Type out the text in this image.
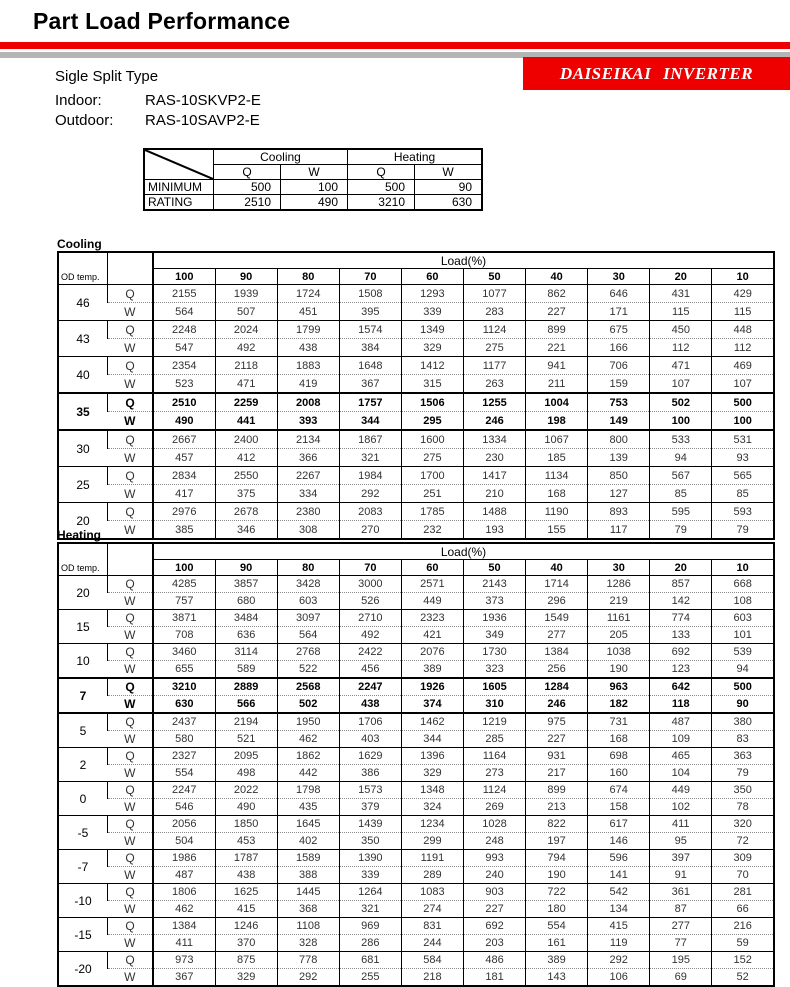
Part Load Performance
DAISEIKAI INVERTER
Sigle Split Type
Indoor:	RAS-10SKVP2-E
Outdoor: RAS-10SAVP2-E
	Cooling		Heating	
	Q	W	Q	W
MINIMUM	500	100	500	90
RATING	2510	490	3210	630
Cooling
OD temp.		Load(%)									
		100	90	80	70	60	50	40	30	20	10
46	Q	2155	1939	1724	1508	1293	1077	862	646	431	429
	W	564	507	451	395	339	283	227	171	115	115
43	Q	2248	2024	1799	1574	1349	1124	899	675	450	448
	W	547	492	438	384	329	275	221	166	112	112
40	Q	2354	2118	1883	1648	1412	1177	941	706	471	469
	W	523	471	419	367	315	263	211	159	107	107
35	Q	2510	2259	2008	1757	1506	1255	1004	753	502	500
	W	490	441	393	344	295	246	198	149	100	100
30	Q	2667	2400	2134	1867	1600	1334	1067	800	533	531
	W	457	412	366	321	275	230	185	139	94	93
25	Q	2834	2550	2267	1984	1700	1417	1134	850	567	565
	W	417	375	334	292	251	210	168	127	85	85
20	Q	2976	2678	2380	2083	1785	1488	1190	893	595	593
	W	385	346	308	270	232	193	155	117	79	79
Heating
OD temp.		Load(%)									
		100	90	80	70	60	50	40	30	20	10
20	Q	4285	3857	3428	3000	2571	2143	1714	1286	857	668
	W	757	680	603	526	449	373	296	219	142	108
15	Q	3871	3484	3097	2710	2323	1936	1549	1161	774	603
	W	708	636	564	492	421	349	277	205	133	101
10	Q	3460	3114	2768	2422	2076	1730	1384	1038	692	539
	W	655	589	522	456	389	323	256	190	123	94
7	Q	3210	2889	2568	2247	1926	1605	1284	963	642	500
	W	630	566	502	438	374	310	246	182	118	90
5	Q	2437	2194	1950	1706	1462	1219	975	731	487	380
	W	580	521	462	403	344	285	227	168	109	83
2	Q	2327	2095	1862	1629	1396	1164	931	698	465	363
	W	554	498	442	386	329	273	217	160	104	79
0	Q	2247	2022	1798	1573	1348	1124	899	674	449	350
	W	546	490	435	379	324	269	213	158	102	78
-5	Q	2056	1850	1645	1439	1234	1028	822	617	411	320
	W	504	453	402	350	299	248	197	146	95	72
-7	Q	1986	1787	1589	1390	1191	993	794	596	397	309
	W	487	438	388	339	289	240	190	141	91	70
-10	Q	1806	1625	1445	1264	1083	903	722	542	361	281
	W	462	415	368	321	274	227	180	134	87	66
-15	Q	1384	1246	1108	969	831	692	554	415	277	216
	W	411	370	328	286	244	203	161	119	77	59
-20	Q	973	875	778	681	584	486	389	292	195	152
	W	367	329	292	255	218	181	143	106	69	52
